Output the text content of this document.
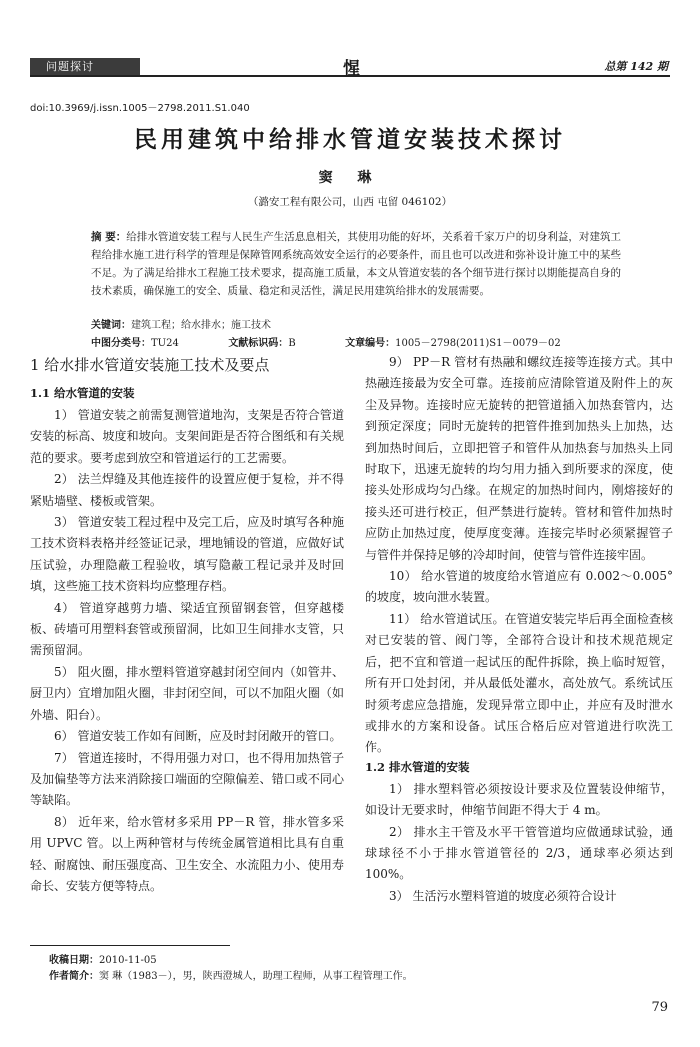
问题探讨	惺	总第 142 期
doi:10.3969/j.issn.1005－2798.2011.S1.040
民用建筑中给排水管道安装技术探讨
窦 琳
（潞安工程有限公司，山西 屯留 046102）
摘 要：给排水管道安装工程与人民生产生活息息相关，其使用功能的好坏，关系着千家万户的切身利益，对建筑工程给排水施工进行科学的管理是保障管网系统高效安全运行的必要条件，而且也可以改进和弥补设计施工中的某些不足。为了满足给排水工程施工技术要求，提高施工质量，本文从管道安装的各个细节进行探讨以期能提高自身的技术素质，确保施工的安全、质量、稳定和灵活性，满足民用建筑给排水的发展需要。
关键词：建筑工程；给水排水；施工技术
中图分类号：TU24	文献标识码：B	文章编号：1005－2798(2011)S1－0079－02
1 给水排水管道安装施工技术及要点
1.1 给水管道的安装

1） 管道安装之前需复测管道地沟，支架是否符合管道安装的标高、坡度和坡向。支架间距是否符合图纸和有关规范的要求。要考虑到放空和管道运行的工艺需要。

2） 法兰焊缝及其他连接件的设置应便于复检，并不得紧贴墙壁、楼板或管架。

3） 管道安装工程过程中及完工后，应及时填写各种施工技术资料表格并经签证记录，埋地铺设的管道，应做好试压试验，办理隐蔽工程验收，填写隐蔽工程记录并及时回填，这些施工技术资料均应整理存档。

4） 管道穿越剪力墙、梁适宜预留钢套管，但穿越楼板、砖墙可用塑料套管或预留洞，比如卫生间排水支管，只需预留洞。

5） 阻火圈，排水塑料管道穿越封闭空间内（如管井、厨卫内）宜增加阻火圈，非封闭空间，可以不加阻火圈（如外墙、阳台）。

6） 管道安装工作如有间断，应及时封闭敞开的管口。

7） 管道连接时，不得用强力对口，也不得用加热管子及加偏垫等方法来消除接口端面的空隙偏差、错口或不同心等缺陷。

8） 近年来，给水管材多采用 PP－R 管，排水管多采用 UPVC 管。以上两种管材与传统金属管道相比具有自重轻、耐腐蚀、耐压强度高、卫生安全、水流阻力小、使用寿命长、安装方便等特点。

9） PP－R 管材有热融和螺纹连接等连接方式。其中热融连接最为安全可靠。连接前应清除管道及附件上的灰尘及异物。连接时应无旋转的把管道插入加热套管内，达到预定深度；同时无旋转的把管件推到加热头上加热，达到加热时间后，立即把管子和管件从加热套与加热头上同时取下，迅速无旋转的均匀用力插入到所要求的深度，使接头处形成均匀凸缘。在规定的加热时间内，刚熔接好的接头还可进行校正，但严禁进行旋转。管材和管件加热时应防止加热过度，使厚度变薄。连接完毕时必须紧握管子与管件并保持足够的冷却时间，使管与管件连接牢固。

10） 给水管道的坡度给水管道应有 0.002～0.005°的坡度，坡向泄水装置。

11） 给水管道试压。在管道安装完毕后再全面检查核对已安装的管、阀门等，全部符合设计和技术规范规定后，把不宜和管道一起试压的配件拆除，换上临时短管，所有开口处封闭，并从最低处灌水，高处放气。系统试压时须考虑应急措施，发现异常立即中止，并应有及时泄水或排水的方案和设备。试压合格后应对管道进行吹洗工作。

1.2 排水管道的安装

1） 排水塑料管必须按设计要求及位置装设伸缩节，如设计无要求时，伸缩节间距不得大于 4 m。

2） 排水主干管及水平干管管道均应做通球试验，通球球径不小于排水管道管径的 2/3，通球率必须达到 100%。

3） 生活污水塑料管道的坡度必须符合设计

收稿日期：2010-11-05
作者简介：窦 琳（1983－），男，陕西澄城人，助理工程师，从事工程管理工作。
79
